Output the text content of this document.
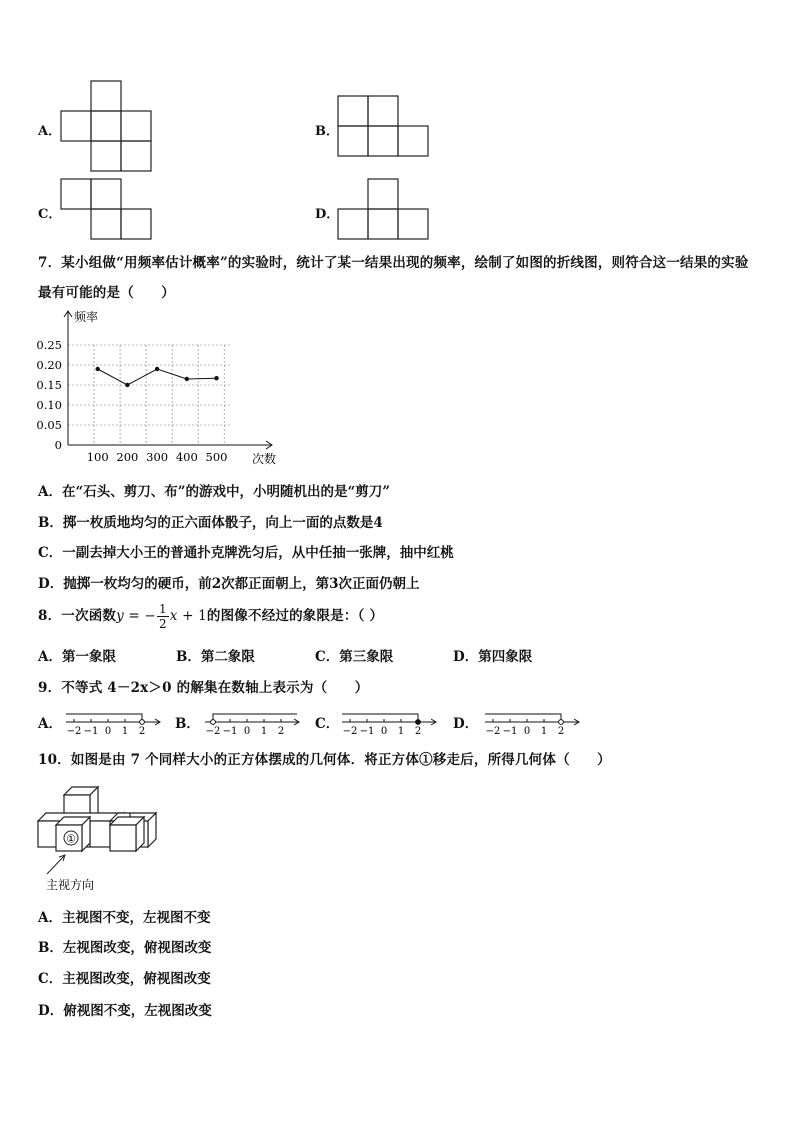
A．	B．
C．	D．
7．某小组做“用频率估计概率”的实验时，统计了某一结果出现的频率，绘制了如图的折线图，则符合这一结果的实验
最有可能的是（　　）
频率
次数
0
0.05
0.10
0.15
0.20
0.25
100 200 300 400 500
A．在“石头、剪刀、布”的游戏中，小明随机出的是“剪刀”
B．掷一枚质地均匀的正六面体骰子，向上一面的点数是4
C．一副去掉大小王的普通扑克牌洗匀后，从中任抽一张牌，抽中红桃
D．抛掷一枚均匀的硬币，前2次都正面朝上，第3次正面仍朝上
8．一次函数y = − $\frac{1}{2}$ x + 1的图像不经过的象限是：（ ）
A．第一象限	B．第二象限	C．第三象限	D．第四象限
9．不等式 4－2x＞0 的解集在数轴上表示为（　　）
A． −2 −1 0 1 2 B． −2 −1 0 1 2 C． −2 −1 0 1 2 D． −2 −1 0 1 2
10．如图是由 7 个同样大小的正方体摆成的几何体．将正方体①移走后，所得几何体（　　）
①
主视方向
A．主视图不变，左视图不变
B．左视图改变，俯视图改变
C．主视图改变，俯视图改变
D．俯视图不变，左视图改变
